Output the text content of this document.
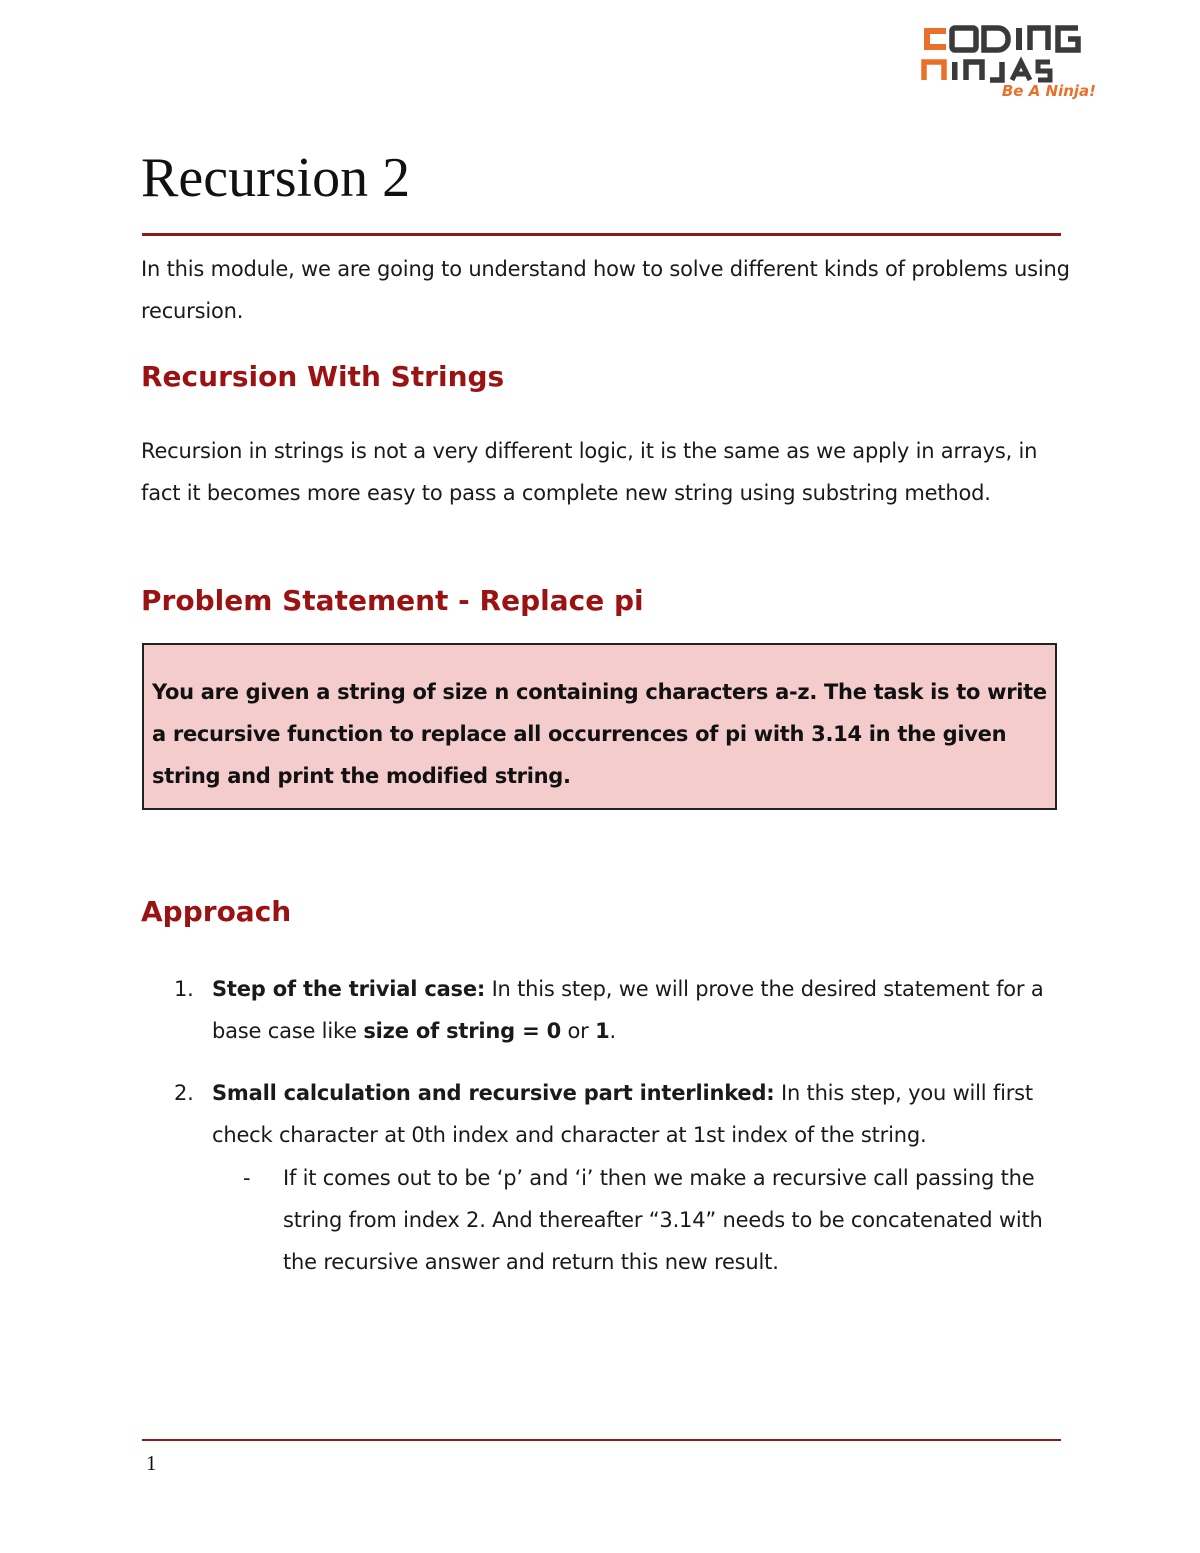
Be A Ninja!
Recursion 2

In this module, we are going to understand how to solve different kinds of problems using recursion.

Recursion With Strings

Recursion in strings is not a very different logic, it is the same as we apply in arrays, in fact it becomes more easy to pass a complete new string using substring method.

Problem Statement - Replace pi

You are given a string of size n containing characters a-z. The task is to write a recursive function to replace all occurrences of pi with 3.14 in the given string and print the modified string.

Approach
1. Step of the trivial case: In this step, we will prove the desired statement for a base case like size of string = 0 or 1.
2. Small calculation and recursive part interlinked: In this step, you will first check character at 0th index and character at 1st index of the string.
- If it comes out to be ‘p’ and ‘i’ then we make a recursive call passing the string from index 2. And thereafter “3.14” needs to be concatenated with the recursive answer and return this new result.
1
